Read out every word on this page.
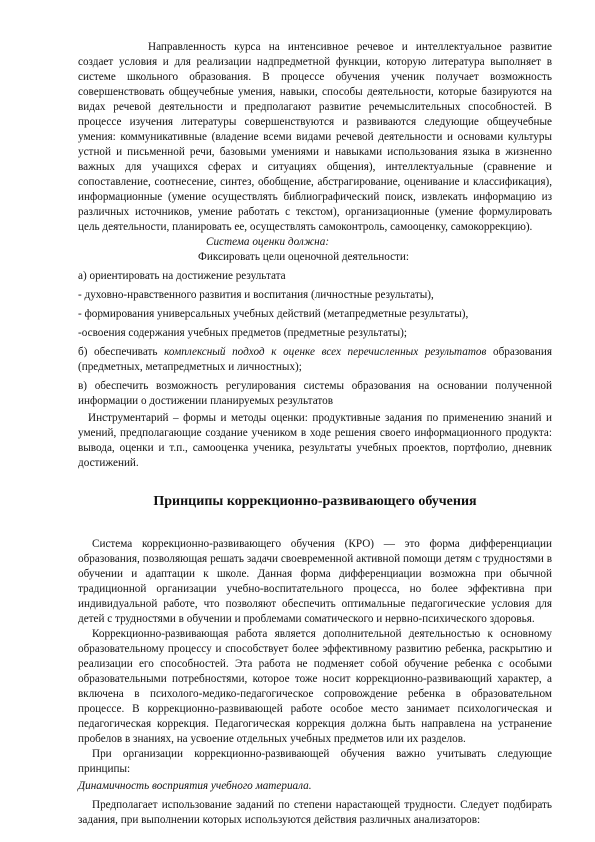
Направленность курса на интенсивное речевое и интеллектуальное развитие создает условия и для реализации надпредметной функции, которую литература выполняет в системе школьного образования. В процессе обучения ученик получает возможность совершенствовать общеучебные умения, навыки, способы деятельности, которые базируются на видах речевой деятельности и предполагают развитие речемыслительных способностей. В процессе изучения литературы совершенствуются и развиваются следующие общеучебные умения: коммуникативные (владение всеми видами речевой деятельности и основами культуры устной и письменной речи, базовыми умениями и навыками использования языка в жизненно важных для учащихся сферах и ситуациях общения), интеллектуальные (сравнение и сопоставление, соотнесение, синтез, обобщение, абстрагирование, оценивание и классификация), информационные (умение осуществлять библиографический поиск, извлекать информацию из различных источников, умение работать с текстом), организационные (умение формулировать цель деятельности, планировать ее, осуществлять самоконтроль, самооценку, самокоррекцию).

Система оценки должна:
Фиксировать цели оценочной деятельности:
а) ориентировать на достижение результата
- духовно-нравственного развития и воспитания (личностные результаты),
- формирования универсальных учебных действий (метапредметные результаты),
-освоения содержания учебных предметов (предметные результаты);

б) обеспечивать комплексный подход к оценке всех перечисленных результатов образования (предметных, метапредметных и личностных);

в) обеспечить возможность регулирования системы образования на основании полученной информации о достижении планируемых результатов

Инструментарий – формы и методы оценки: продуктивные задания по применению знаний и умений, предполагающие создание учеником в ходе решения своего информационного продукта: вывода, оценки и т.п., самооценка ученика, результаты учебных проектов, портфолио, дневник достижений.

Принципы коррекционно-развивающего обучения

Система коррекционно-развивающего обучения (КРО) — это форма дифференциации образования, позволяющая решать задачи своевременной активной помощи детям с трудностями в обучении и адаптации к школе. Данная форма дифференциации возможна при обычной традиционной организации учебно-воспитательного процесса, но более эффективна при индивидуальной работе, что позволяют обеспечить оптимальные педагогические условия для детей с трудностями в обучении и проблемами соматического и нервно-психического здоровья.

Коррекционно-развивающая работа является дополнительной деятельностью к основному образовательному процессу и способствует более эффективному развитию ребенка, раскрытию и реализации его способностей. Эта работа не подменяет собой обучение ребенка с особыми образовательными потребностями, которое тоже носит коррекционно-развивающий характер, а включена в психолого-медико-педагогическое сопровождение ребенка в образовательном процессе. В коррекционно-развивающей работе особое место занимает психологическая и педагогическая коррекция. Педагогическая коррекция должна быть направлена на устранение пробелов в знаниях, на усвоение отдельных учебных предметов или их разделов.

При организации коррекционно-развивающей обучения важно учитывать следующие принципы:

Динамичность восприятия учебного материала.

Предполагает использование заданий по степени нарастающей трудности. Следует подбирать задания, при выполнении которых используются действия различных анализаторов:
